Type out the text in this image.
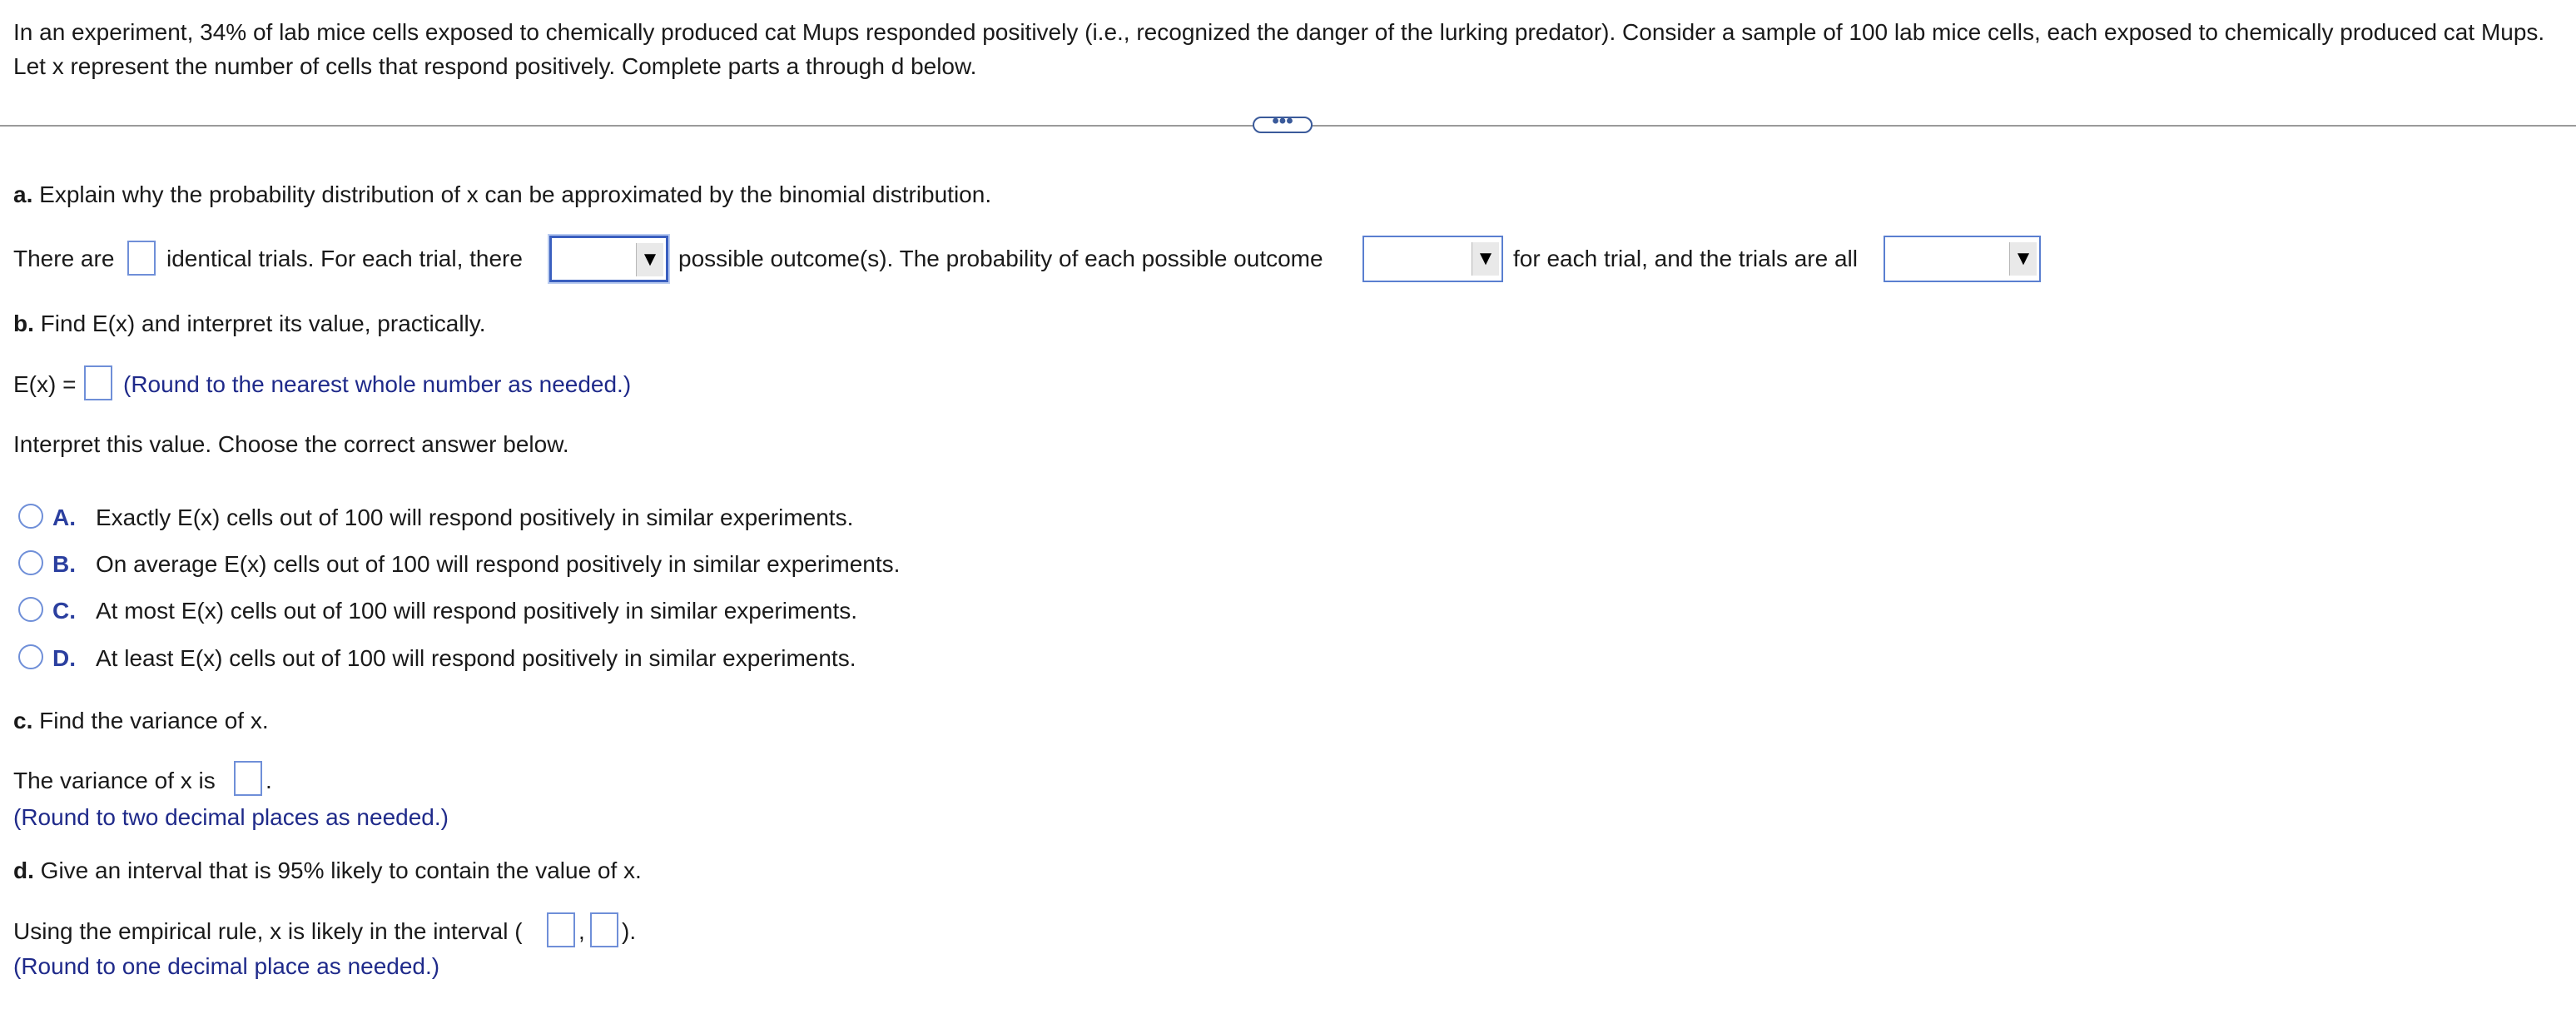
In an experiment, 34% of lab mice cells exposed to chemically produced cat Mups responded positively (i.e., recognized the danger of the lurking predator). Consider a sample of 100 lab mice cells, each exposed to chemically produced cat Mups. Let x represent the number of cells that respond positively. Complete parts a through d below.
•••
a. Explain why the probability distribution of x can be approximated by the binomial distribution.
There are identical trials. For each trial, there	▼ possible outcome(s). The probability of each possible outcome	▼ for each trial, and the trials are all	▼
b. Find E(x) and interpret its value, practically.
E(x) = (Round to the nearest whole number as needed.)
Interpret this value. Choose the correct answer below.
A. Exactly E(x) cells out of 100 will respond positively in similar experiments.
B. On average E(x) cells out of 100 will respond positively in similar experiments.
C. At most E(x) cells out of 100 will respond positively in similar experiments.
D. At least E(x) cells out of 100 will respond positively in similar experiments.
c. Find the variance of x.
The variance of x is .
(Round to two decimal places as needed.)
d. Give an interval that is 95% likely to contain the value of x.
Using the empirical rule, x is likely in the interval ( , ).
(Round to one decimal place as needed.)
